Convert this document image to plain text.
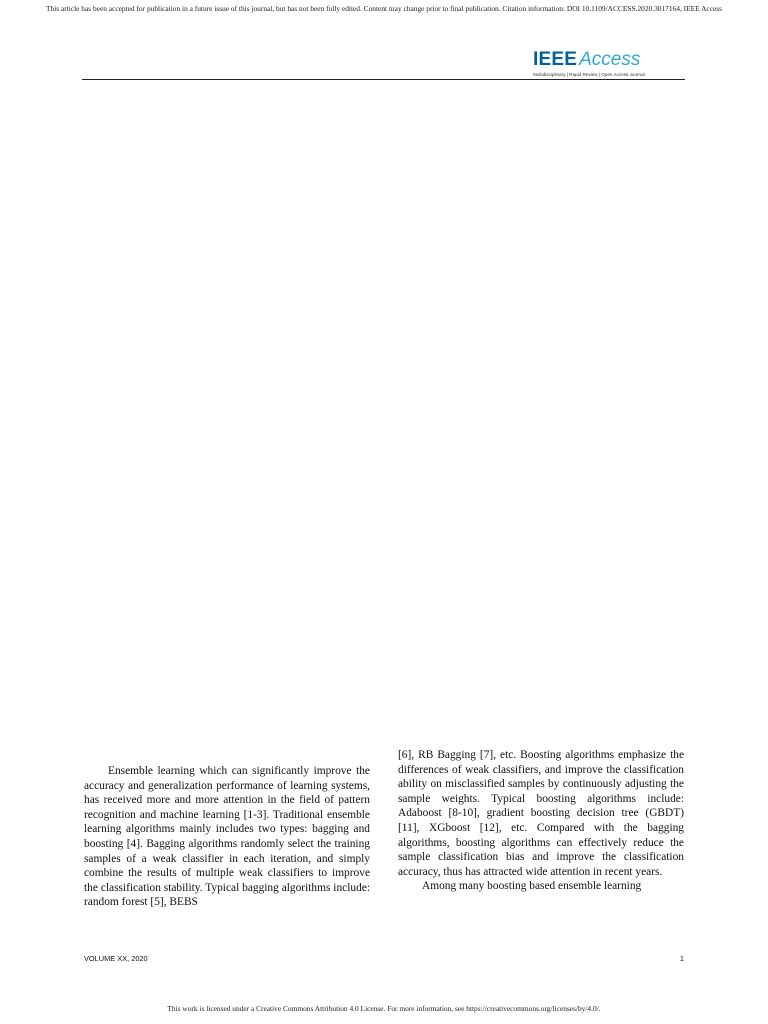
This article has been accepted for publication in a future issue of this journal, but has not been fully edited. Content may change prior to final publication. Citation information: DOI 10.1109/ACCESS.2020.3017164, IEEE Access
IEEE Access
Multidisciplinary | Rapid Review | Open Access Journal

Ensemble learning which can significantly improve the accuracy and generalization performance of learning systems, has received more and more attention in the field of pattern recognition and machine learning [1-3]. Traditional ensemble learning algorithms mainly includes two types: bagging and boosting [4]. Bagging algorithms randomly select the training samples of a weak classifier in each iteration, and simply combine the results of multiple weak classifiers to improve the classification stability. Typical bagging algorithms include: random forest [5], BEBS

[6], RB Bagging [7], etc. Boosting algorithms emphasize the differences of weak classifiers, and improve the classification ability on misclassified samples by continuously adjusting the sample weights. Typical boosting algorithms include: Adaboost [8-10], gradient boosting decision tree (GBDT) [11], XGboost [12], etc. Compared with the bagging algorithms, boosting algorithms can effectively reduce the sample classification bias and improve the classification accuracy, thus has attracted wide attention in recent years.

Among many boosting based ensemble learning

VOLUME XX, 2020	1
This work is licensed under a Creative Commons Attribution 4.0 License. For more information, see https://creativecommons.org/licenses/by/4.0/.
